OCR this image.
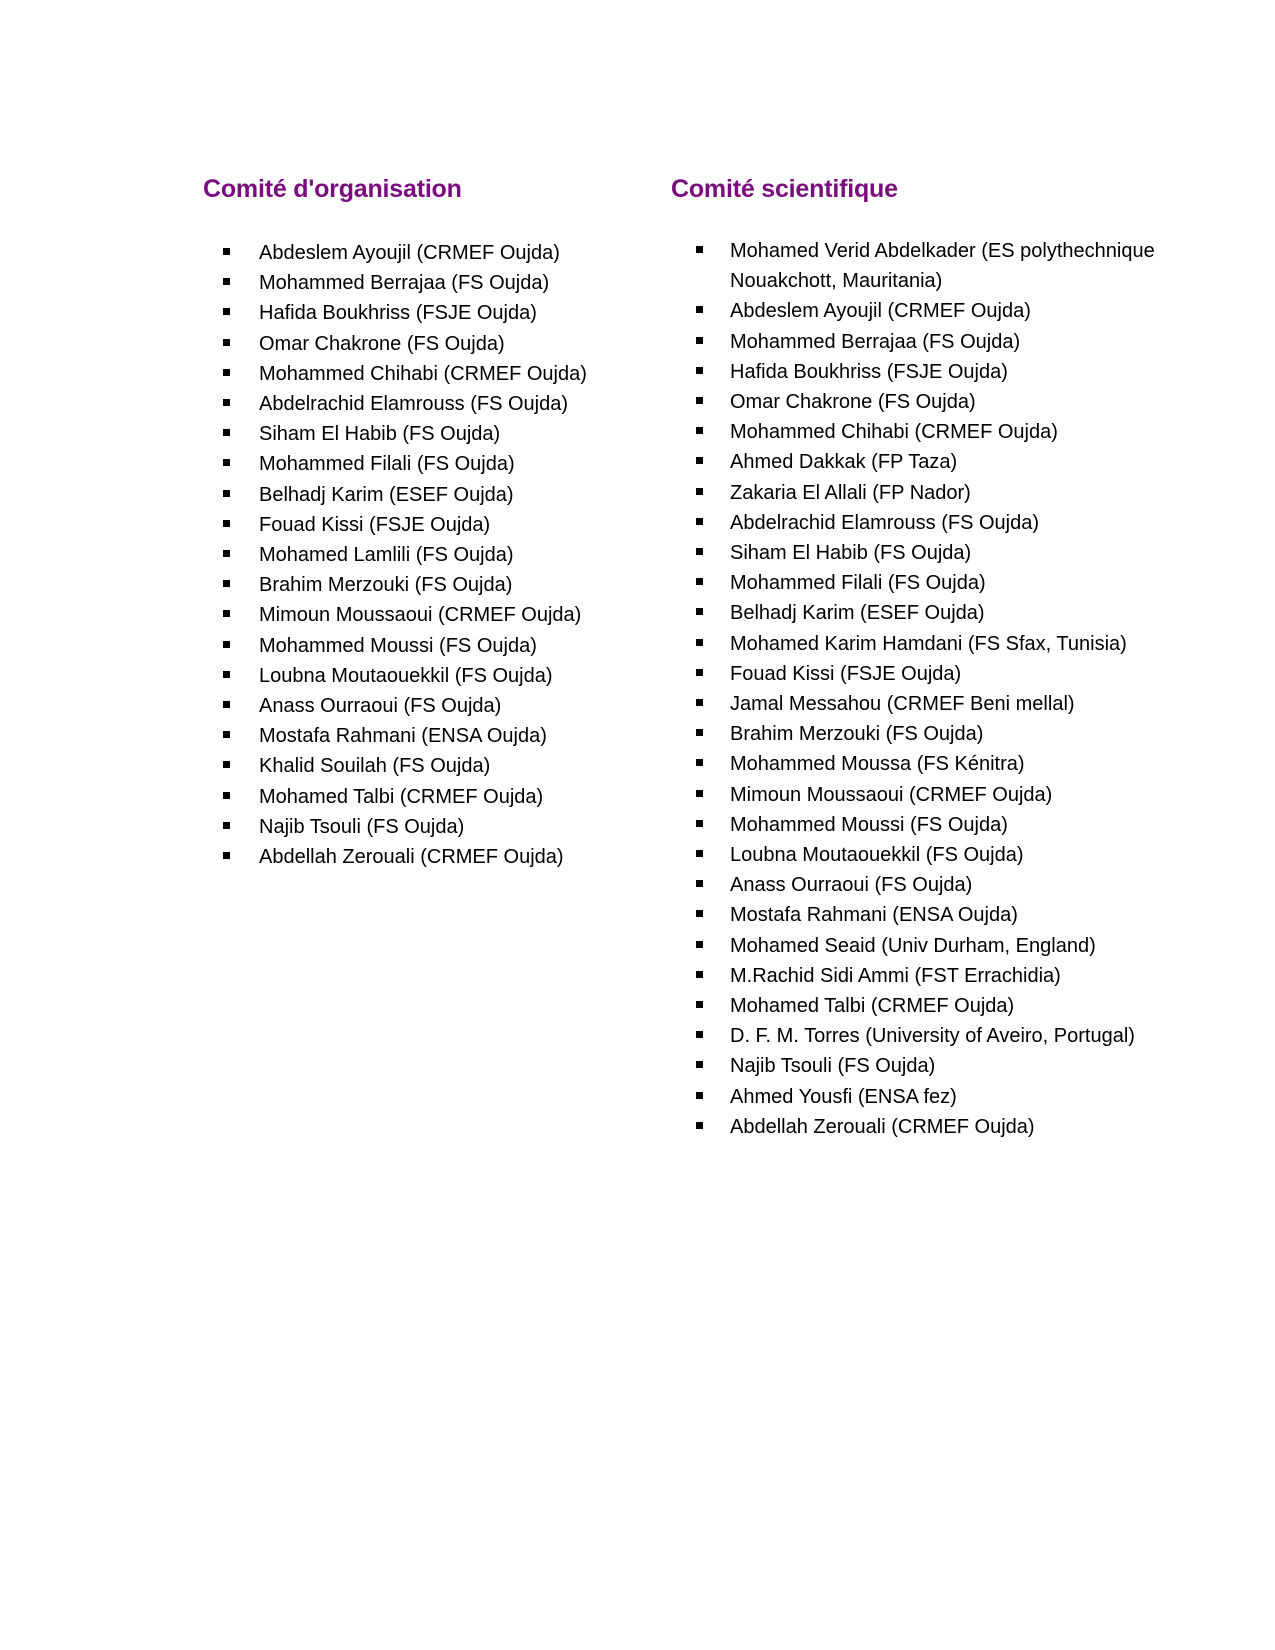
Comité d'organisation
Abdeslem Ayoujil (CRMEF Oujda)
Mohammed Berrajaa (FS Oujda)
Hafida Boukhriss (FSJE Oujda)
Omar Chakrone (FS Oujda)
Mohammed Chihabi (CRMEF Oujda)
Abdelrachid Elamrouss (FS Oujda)
Siham El Habib (FS Oujda)
Mohammed Filali (FS Oujda)
Belhadj Karim (ESEF Oujda)
Fouad Kissi (FSJE Oujda)
Mohamed Lamlili (FS Oujda)
Brahim Merzouki (FS Oujda)
Mimoun Moussaoui (CRMEF Oujda)
Mohammed Moussi (FS Oujda)
Loubna Moutaouekkil (FS Oujda)
Anass Ourraoui (FS Oujda)
Mostafa Rahmani (ENSA Oujda)
Khalid Souilah (FS Oujda)
Mohamed Talbi (CRMEF Oujda)
Najib Tsouli (FS Oujda)
Abdellah Zerouali (CRMEF Oujda)
Comité scientifique
Mohamed Verid Abdelkader (ES polythechnique Nouakchott, Mauritania)
Abdeslem Ayoujil (CRMEF Oujda)
Mohammed Berrajaa (FS Oujda)
Hafida Boukhriss (FSJE Oujda)
Omar Chakrone (FS Oujda)
Mohammed Chihabi (CRMEF Oujda)
Ahmed Dakkak (FP Taza)
Zakaria El Allali (FP Nador)
Abdelrachid Elamrouss (FS Oujda)
Siham El Habib (FS Oujda)
Mohammed Filali (FS Oujda)
Belhadj Karim (ESEF Oujda)
Mohamed Karim Hamdani (FS Sfax, Tunisia)
Fouad Kissi (FSJE Oujda)
Jamal Messahou (CRMEF Beni mellal)
Brahim Merzouki (FS Oujda)
Mohammed Moussa (FS Kénitra)
Mimoun Moussaoui (CRMEF Oujda)
Mohammed Moussi (FS Oujda)
Loubna Moutaouekkil (FS Oujda)
Anass Ourraoui (FS Oujda)
Mostafa Rahmani (ENSA Oujda)
Mohamed Seaid (Univ Durham, England)
M.Rachid Sidi Ammi (FST Errachidia)
Mohamed Talbi (CRMEF Oujda)
D. F. M. Torres (University of Aveiro, Portugal)
Najib Tsouli (FS Oujda)
Ahmed Yousfi (ENSA fez)
Abdellah Zerouali (CRMEF Oujda)
